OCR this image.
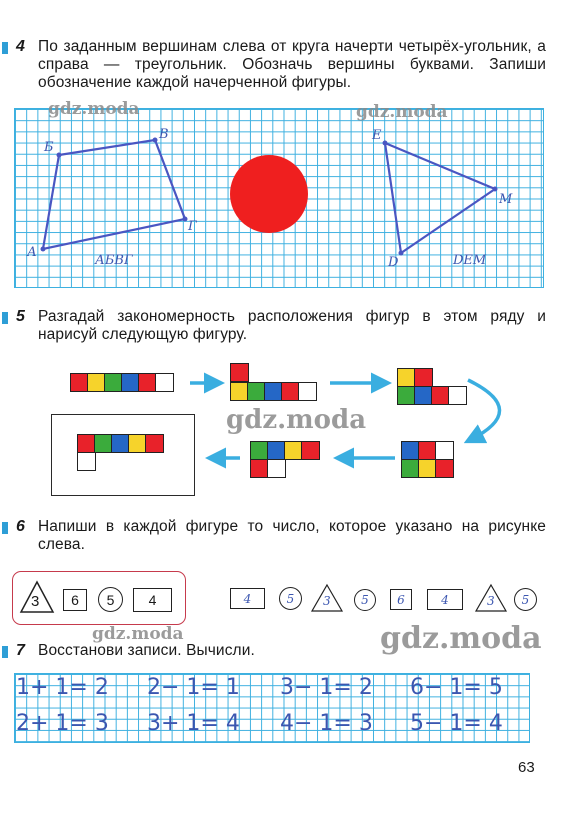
4 По заданным вершинам слева от круга начерти четырёх-угольник, а справа — треугольник. Обозначь вершины буквами. Запиши обозначение каждой начерченной фигуры.
А
Б
В
Г
АБВГ
Е
М
D	DEM
gdz.moda	gdz.moda
5 Разгадай закономерность расположения фигур в этом ряду и нарисуй следующую фигуру.
gdz.moda
6 Напиши в каждой фигуре то число, которое указано на рисунке слева.
3	6	5	4	4	5	3	5	6	4	3	5
gdz.moda	gdz.moda
7 Восстанови записи. Вычисли.
1+ 1= 2 2− 1= 1 3− 1= 2 6− 1= 5
2+ 1= 3 3+ 1= 4 4− 1= 3 5− 1= 4
63
